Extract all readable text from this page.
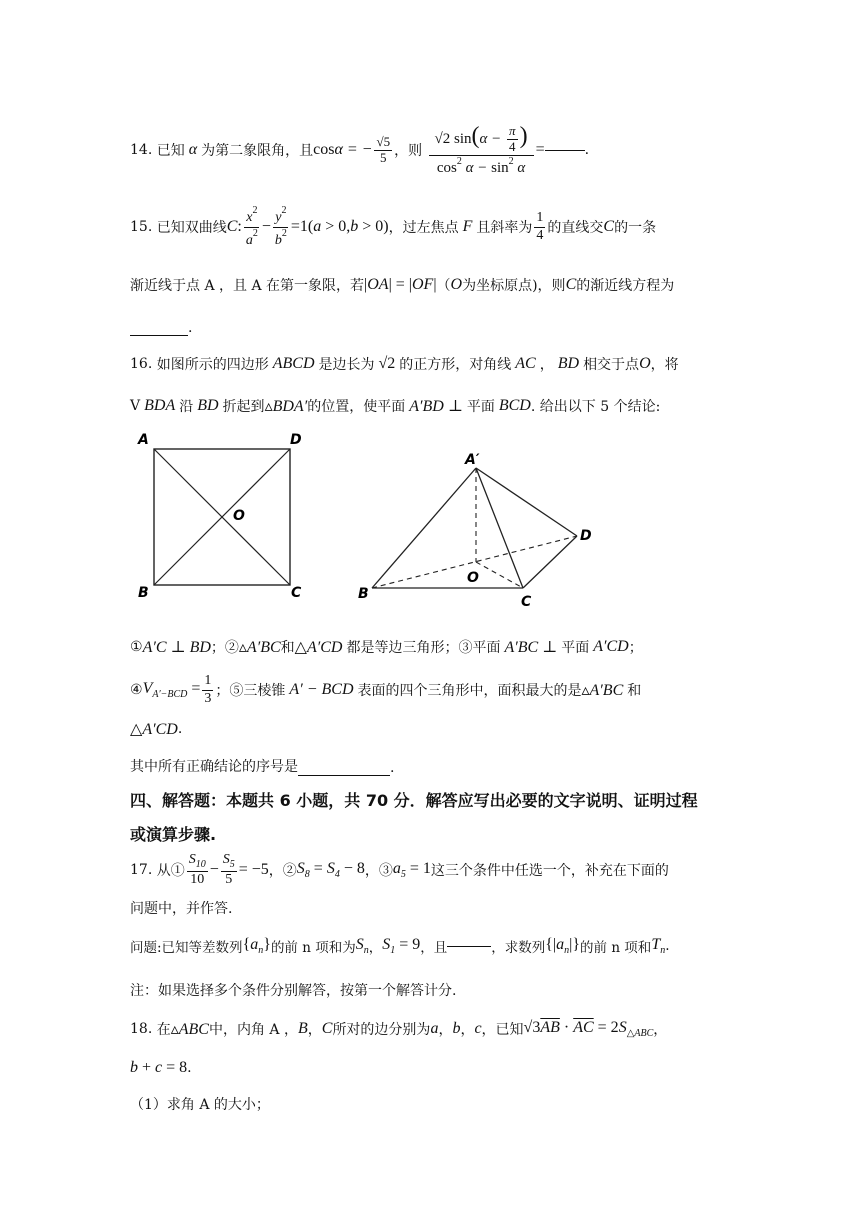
14.
已知 α 为第二象限角，且 cosα = − $\frac{√5}{5}$ ，则
$\frac{√2 \sin(\alpha - \frac{\pi}{4} )}{\cos^2 \alpha - \sin^2 \alpha}$ =	.
15.
已知双曲线 C: $\frac{x^2}{a^2} - \frac{y^2}{b^2} =1(a > 0,b > 0)$ ，过左焦点 F 且斜率为 $\frac{1}{4}$ 的直线交 C 的一条
渐近线于点 A ，且 A 在第一象限，若 |OA| = |OF| （ O 为坐标原点)，则 C 的渐近线方程为
.
16.
如图所示的四边形 ABCD 是边长为 √2 的正方形，对角线 AC ， BD 相交于点 O ，将
V BDA 沿 BD 折起到 ▵BDA′ 的位置，使平面 A′BD ⊥ 平面 BCD . 给出以下 5 个结论:
A	D
O
B	C
A′
D
O
B	C
① A′C ⊥ BD ；② ▵A′BC 和 △A′CD 都是等边三角形；③平面 A′BC ⊥ 平面 A′CD ；
④ $V_{A'-BCD} = \frac{1}{3}$ ；⑤三棱锥 A′ − BCD 表面的四个三角形中，面积最大的是 ▵A′BC 和
△A′CD .
其中所有正确结论的序号是	.
四、解答题：本题共 6 小题，共 70 分．解答应写出必要的文字说明、证明过程
或演算步骤.
17.
从① $\frac{S_{10}}{10} - \frac{S_5}{5} = -5$ ，② $S_8 = S_4 - 8$ ，③ $a_5 = 1$ 这三个条件中任选一个，补充在下面的
问题中，并作答.
问题:已知等差数列 $\{a_n\}$ 的前 n 项和为 $S_n$ ， $S_1 = 9$ ，且	，求数列 $\{|a_n|\}$ 的前 n 项和 $T_n$ .
注：如果选择多个条件分别解答，按第一个解答计分.
18.
在 ▵ABC 中，内角 A ， B ， C 所对的边分别为 a ， b ， c ，已知 $√3\overline{AB} \cdot \overline{AC} = 2S_{\triangle ABC}$ ，
b + c = 8 .
（1）求角 A 的大小；
